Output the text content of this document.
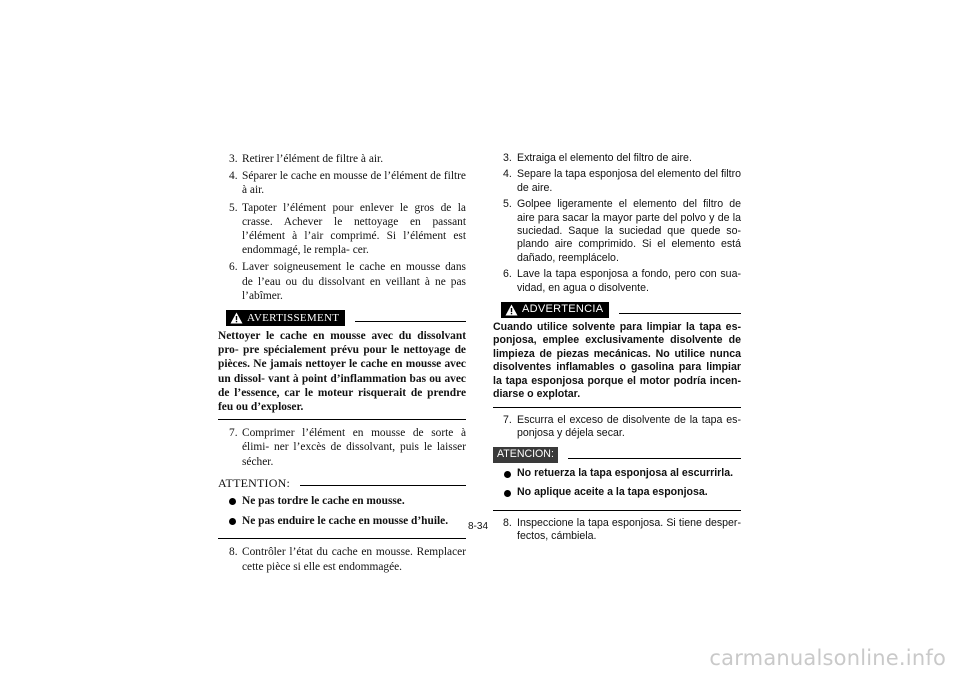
3. Retirer l’élément de filtre à air.
4. Séparer le cache en mousse de l’élément de filtre à air.
5. Tapoter l’élément pour enlever le gros de la crasse. Achever le nettoyage en passant l’élément à l’air comprimé. Si l’élément est endommagé, le rempla- cer.
6. Laver soigneusement le cache en mousse dans de l’eau ou du dissolvant en veillant à ne pas l’abîmer.
AVERTISSEMENT
Nettoyer le cache en mousse avec du dissolvant pro- pre spécialement prévu pour le nettoyage de pièces. Ne jamais nettoyer le cache en mousse avec un dissol- vant à point d’inflammation bas ou avec de l’essence, car le moteur risquerait de prendre feu ou d’exploser.
7. Comprimer l’élément en mousse de sorte à élimi- ner l’excès de dissolvant, puis le laisser sécher.
ATTENTION:
Ne pas tordre le cache en mousse.
Ne pas enduire le cache en mousse d’huile.
8. Contrôler l’état du cache en mousse. Remplacer cette pièce si elle est endommagée.
3. Extraiga el elemento del filtro de aire.
4. Separe la tapa esponjosa del elemento del filtro de aire.
5. Golpee ligeramente el elemento del filtro de aire para sacar la mayor parte del polvo y de la suciedad. Saque la suciedad que quede so- plando aire comprimido. Si el elemento está dañado, reemplácelo.
6. Lave la tapa esponjosa a fondo, pero con sua- vidad, en agua o disolvente.
ADVERTENCIA
Cuando utilice solvente para limpiar la tapa es- ponjosa, emplee exclusivamente disolvente de limpieza de piezas mecánicas. No utilice nunca disolventes inflamables o gasolina para limpiar la tapa esponjosa porque el motor podría incen- diarse o explotar.
7. Escurra el exceso de disolvente de la tapa es- ponjosa y déjela secar.
ATENCION:
No retuerza la tapa esponjosa al escurrirla.
No aplique aceite a la tapa esponjosa.
8. Inspeccione la tapa esponjosa. Si tiene desper- fectos, cámbiela.
8-34
carmanualsonline.info
